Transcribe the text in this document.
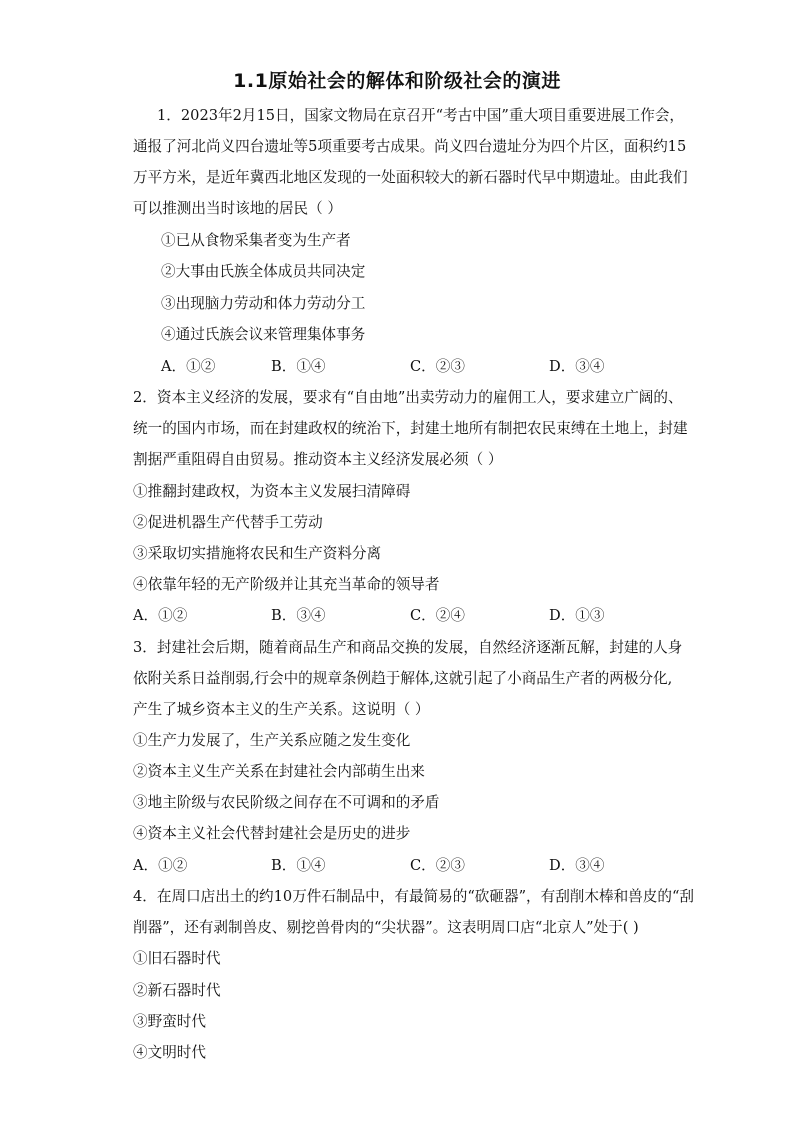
1.1原始社会的解体和阶级社会的演进
1．2023年2月15日，国家文物局在京召开“考古中国”重大项目重要进展工作会，
通报了河北尚义四台遗址等5项重要考古成果。尚义四台遗址分为四个片区，面积约15
万平方米，是近年冀西北地区发现的一处面积较大的新石器时代早中期遗址。由此我们
可以推测出当时该地的居民（ ）
①已从食物采集者变为生产者
②大事由氏族全体成员共同决定
③出现脑力劳动和体力劳动分工
④通过氏族会议来管理集体事务
A．①②	B．①④	C．②③	D．③④
2．资本主义经济的发展，要求有“自由地”出卖劳动力的雇佣工人，要求建立广阔的、
统一的国内市场，而在封建政权的统治下，封建土地所有制把农民束缚在土地上，封建
割据严重阻碍自由贸易。推动资本主义经济发展必须（ ）
①推翻封建政权，为资本主义发展扫清障碍
②促进机器生产代替手工劳动
③采取切实措施将农民和生产资料分离
④依靠年轻的无产阶级并让其充当革命的领导者
A．①②	B．③④	C．②④	D．①③
3．封建社会后期，随着商品生产和商品交换的发展，自然经济逐渐瓦解，封建的人身
依附关系日益削弱,行会中的规章条例趋于解体,这就引起了小商品生产者的两极分化,
产生了城乡资本主义的生产关系。这说明（ ）
①生产力发展了，生产关系应随之发生变化
②资本主义生产关系在封建社会内部萌生出来
③地主阶级与农民阶级之间存在不可调和的矛盾
④资本主义社会代替封建社会是历史的进步
A．①②	B．①④	C．②③	D．③④
4．在周口店出土的约10万件石制品中，有最简易的“砍砸器”，有刮削木棒和兽皮的“刮
削器”，还有剥制兽皮、剔挖兽骨肉的“尖状器”。这表明周口店“北京人”处于( )
①旧石器时代
②新石器时代
③野蛮时代
④文明时代
